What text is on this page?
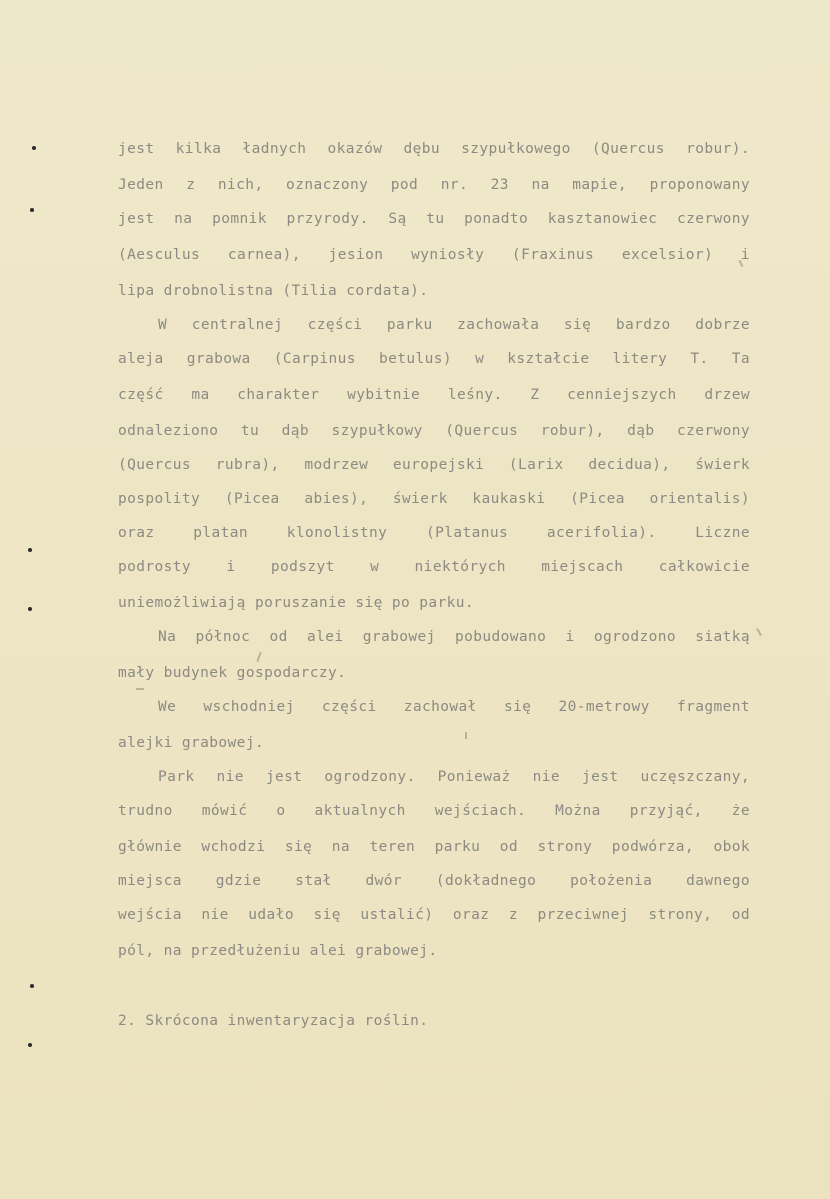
jest kilka ładnych okazów dębu szypułkowego (Quercus robur).
Jeden z nich, oznaczony pod nr. 23 na mapie, proponowany
jest na pomnik przyrody. Są tu ponadto kasztanowiec czerwony
(Aesculus carnea), jesion wyniosły (Fraxinus excelsior) i
lipa drobnolistna (Tilia cordata).
W centralnej części parku zachowała się bardzo dobrze
aleja grabowa (Carpinus betulus) w kształcie litery T. Ta
część ma charakter wybitnie leśny. Z cenniejszych drzew
odnaleziono tu dąb szypułkowy (Quercus robur), dąb czerwony
(Quercus rubra), modrzew europejski (Larix decidua), świerk
pospolity (Picea abies), świerk kaukaski (Picea orientalis)
oraz platan klonolistny (Platanus acerifolia). Liczne
podrosty i podszyt w niektórych miejscach całkowicie
uniemożliwiają poruszanie się po parku.
Na północ od alei grabowej pobudowano i ogrodzono siatką
mały budynek gospodarczy.
We wschodniej części zachował się 20-metrowy fragment
alejki grabowej.
Park nie jest ogrodzony. Ponieważ nie jest uczęszczany,
trudno mówić o aktualnych wejściach. Można przyjąć, że
głównie wchodzi się na teren parku od strony podwórza, obok
miejsca gdzie stał dwór (dokładnego położenia dawnego
wejścia nie udało się ustalić) oraz z przeciwnej strony, od
pól, na przedłużeniu alei grabowej.
2. Skrócona inwentaryzacja roślin.
